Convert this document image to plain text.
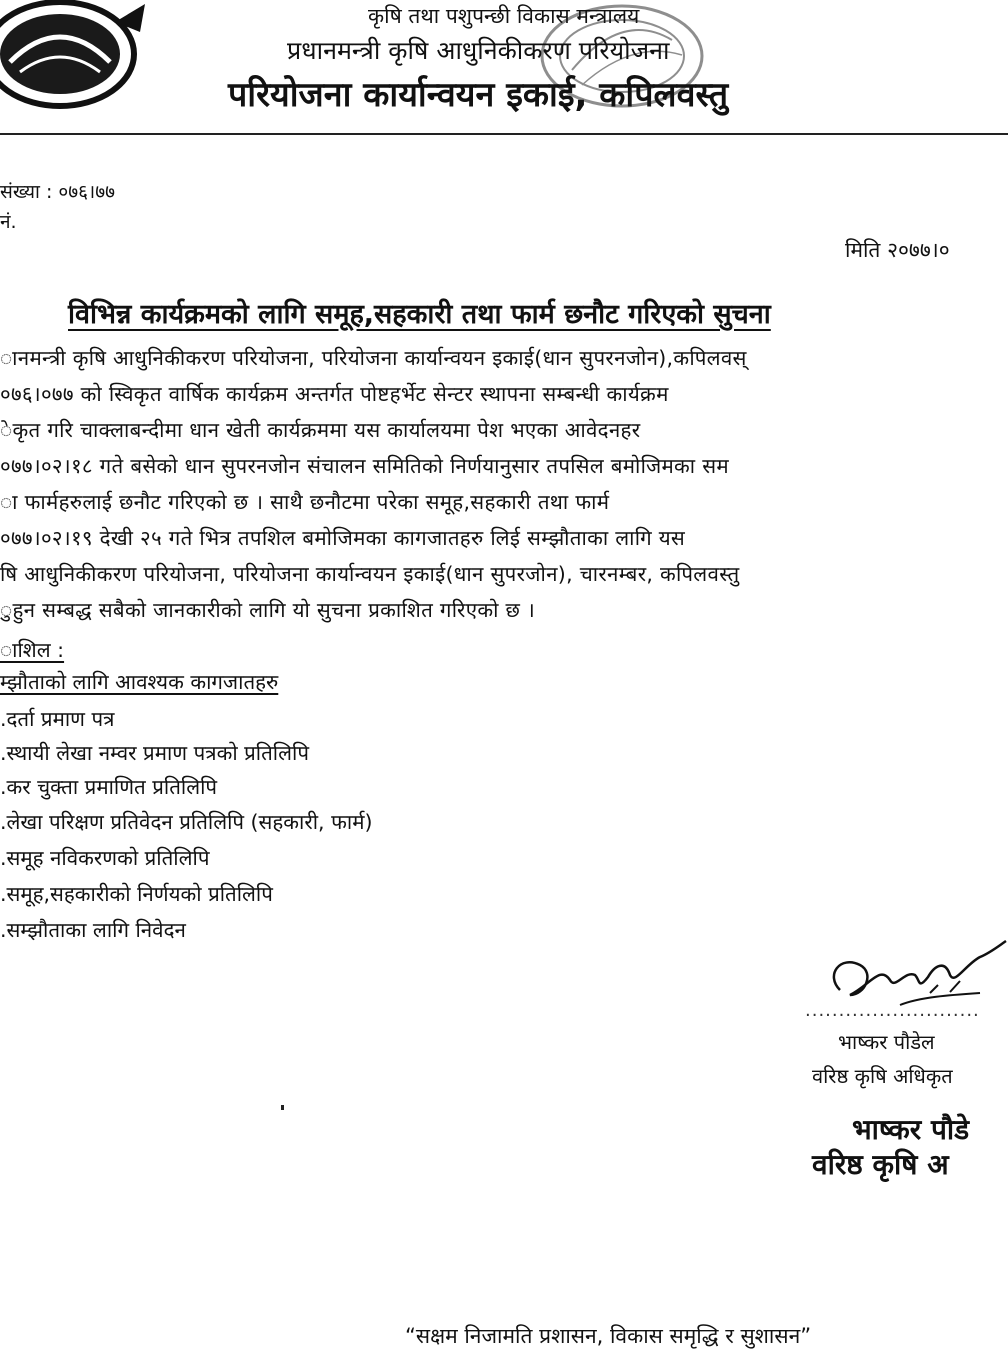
कृषि तथा पशुपन्छी विकास मन्त्रालय
प्रधानमन्त्री कृषि आधुनिकीकरण परियोजना
परियोजना कार्यान्वयन इकाई, कपिलवस्तु
संख्या : ०७६।७७
नं.
मिति २०७७।०
विभिन्न कार्यक्रमको लागि समूह,सहकारी तथा फार्म छनौट गरिएको सुचना
ानमन्त्री कृषि आधुनिकीकरण परियोजना, परियोजना कार्यान्वयन इकाई(धान सुपरनजोन),कपिलवस्
०७६।०७७ को स्विकृत वार्षिक कार्यक्रम अन्तर्गत पोष्टहर्भेट सेन्टर स्थापना सम्बन्धी कार्यक्रम
ेकृत गरि चाक्लाबन्दीमा धान खेती कार्यक्रममा यस कार्यालयमा पेश भएका आवेदनहर
०७७।०२।१८ गते बसेको धान सुपरनजोन संचालन समितिको निर्णयानुसार तपसिल बमोजिमका सम
ा फार्महरुलाई छनौट गरिएको छ । साथै छनौटमा परेका समूह,सहकारी तथा फार्म
०७७।०२।१९ देखी २५ गते भित्र तपशिल बमोजिमका कागजातहरु लिई सम्झौताका लागि यस
षि आधुनिकीकरण परियोजना, परियोजना कार्यान्वयन इकाई(धान सुपरजोन), चारनम्बर, कपिलवस्तु
ुहुन सम्बद्ध सबैको जानकारीको लागि यो सुचना प्रकाशित गरिएको छ ।
ाशिल :
म्झौताको लागि आवश्यक कागजातहरु
.दर्ता प्रमाण पत्र
.स्थायी लेखा नम्वर प्रमाण पत्रको प्रतिलिपि
.कर चुक्ता प्रमाणित प्रतिलिपि
.लेखा परिक्षण प्रतिवेदन प्रतिलिपि (सहकारी, फार्म)
.समूह नविकरणको प्रतिलिपि
.समूह,सहकारीको निर्णयको प्रतिलिपि
.सम्झौताका लागि निवेदन
..........................
भाष्कर पौडेल
वरिष्ठ कृषि अधिकृत
भाष्कर पौडे
वरिष्ठ कृषि अ
“सक्षम निजामति प्रशासन, विकास समृद्धि र सुशासन”
